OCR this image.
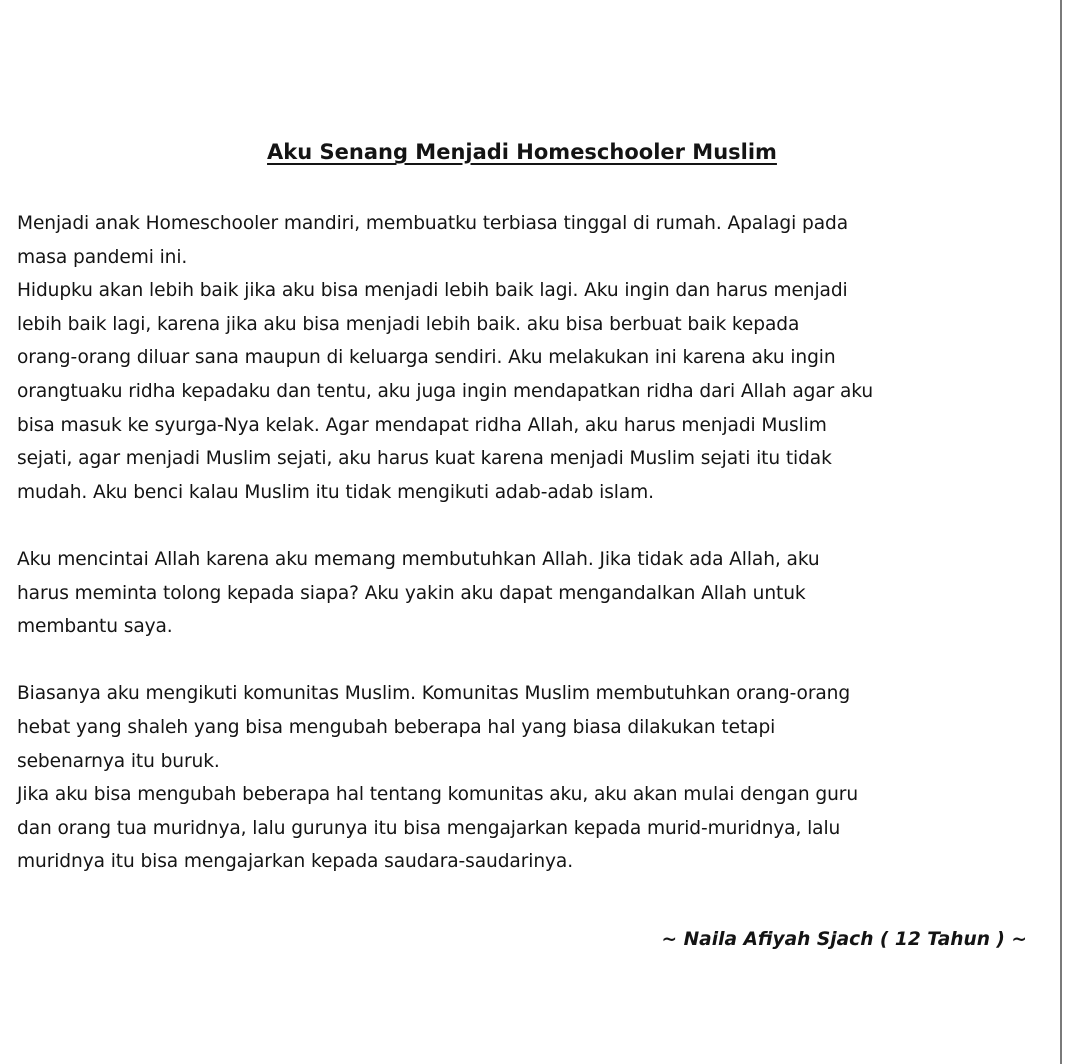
Aku Senang Menjadi Homeschooler Muslim

Menjadi anak Homeschooler mandiri, membuatku terbiasa tinggal di rumah. Apalagi pada
masa pandemi ini.
Hidupku akan lebih baik jika aku bisa menjadi lebih baik lagi. Aku ingin dan harus menjadi
lebih baik lagi, karena jika aku bisa menjadi lebih baik. aku bisa berbuat baik kepada
orang-orang diluar sana maupun di keluarga sendiri. Aku melakukan ini karena aku ingin
orangtuaku ridha kepadaku dan tentu, aku juga ingin mendapatkan ridha dari Allah agar aku
bisa masuk ke syurga-Nya kelak. Agar mendapat ridha Allah, aku harus menjadi Muslim
sejati, agar menjadi Muslim sejati, aku harus kuat karena menjadi Muslim sejati itu tidak
mudah. Aku benci kalau Muslim itu tidak mengikuti adab-adab islam.

Aku mencintai Allah karena aku memang membutuhkan Allah. Jika tidak ada Allah, aku
harus meminta tolong kepada siapa? Aku yakin aku dapat mengandalkan Allah untuk
membantu saya.

Biasanya aku mengikuti komunitas Muslim. Komunitas Muslim membutuhkan orang-orang
hebat yang shaleh yang bisa mengubah beberapa hal yang biasa dilakukan tetapi
sebenarnya itu buruk.
Jika aku bisa mengubah beberapa hal tentang komunitas aku, aku akan mulai dengan guru
dan orang tua muridnya, lalu gurunya itu bisa mengajarkan kepada murid-muridnya, lalu
muridnya itu bisa mengajarkan kepada saudara-saudarinya.

~ Naila Afiyah Sjach ( 12 Tahun ) ~
